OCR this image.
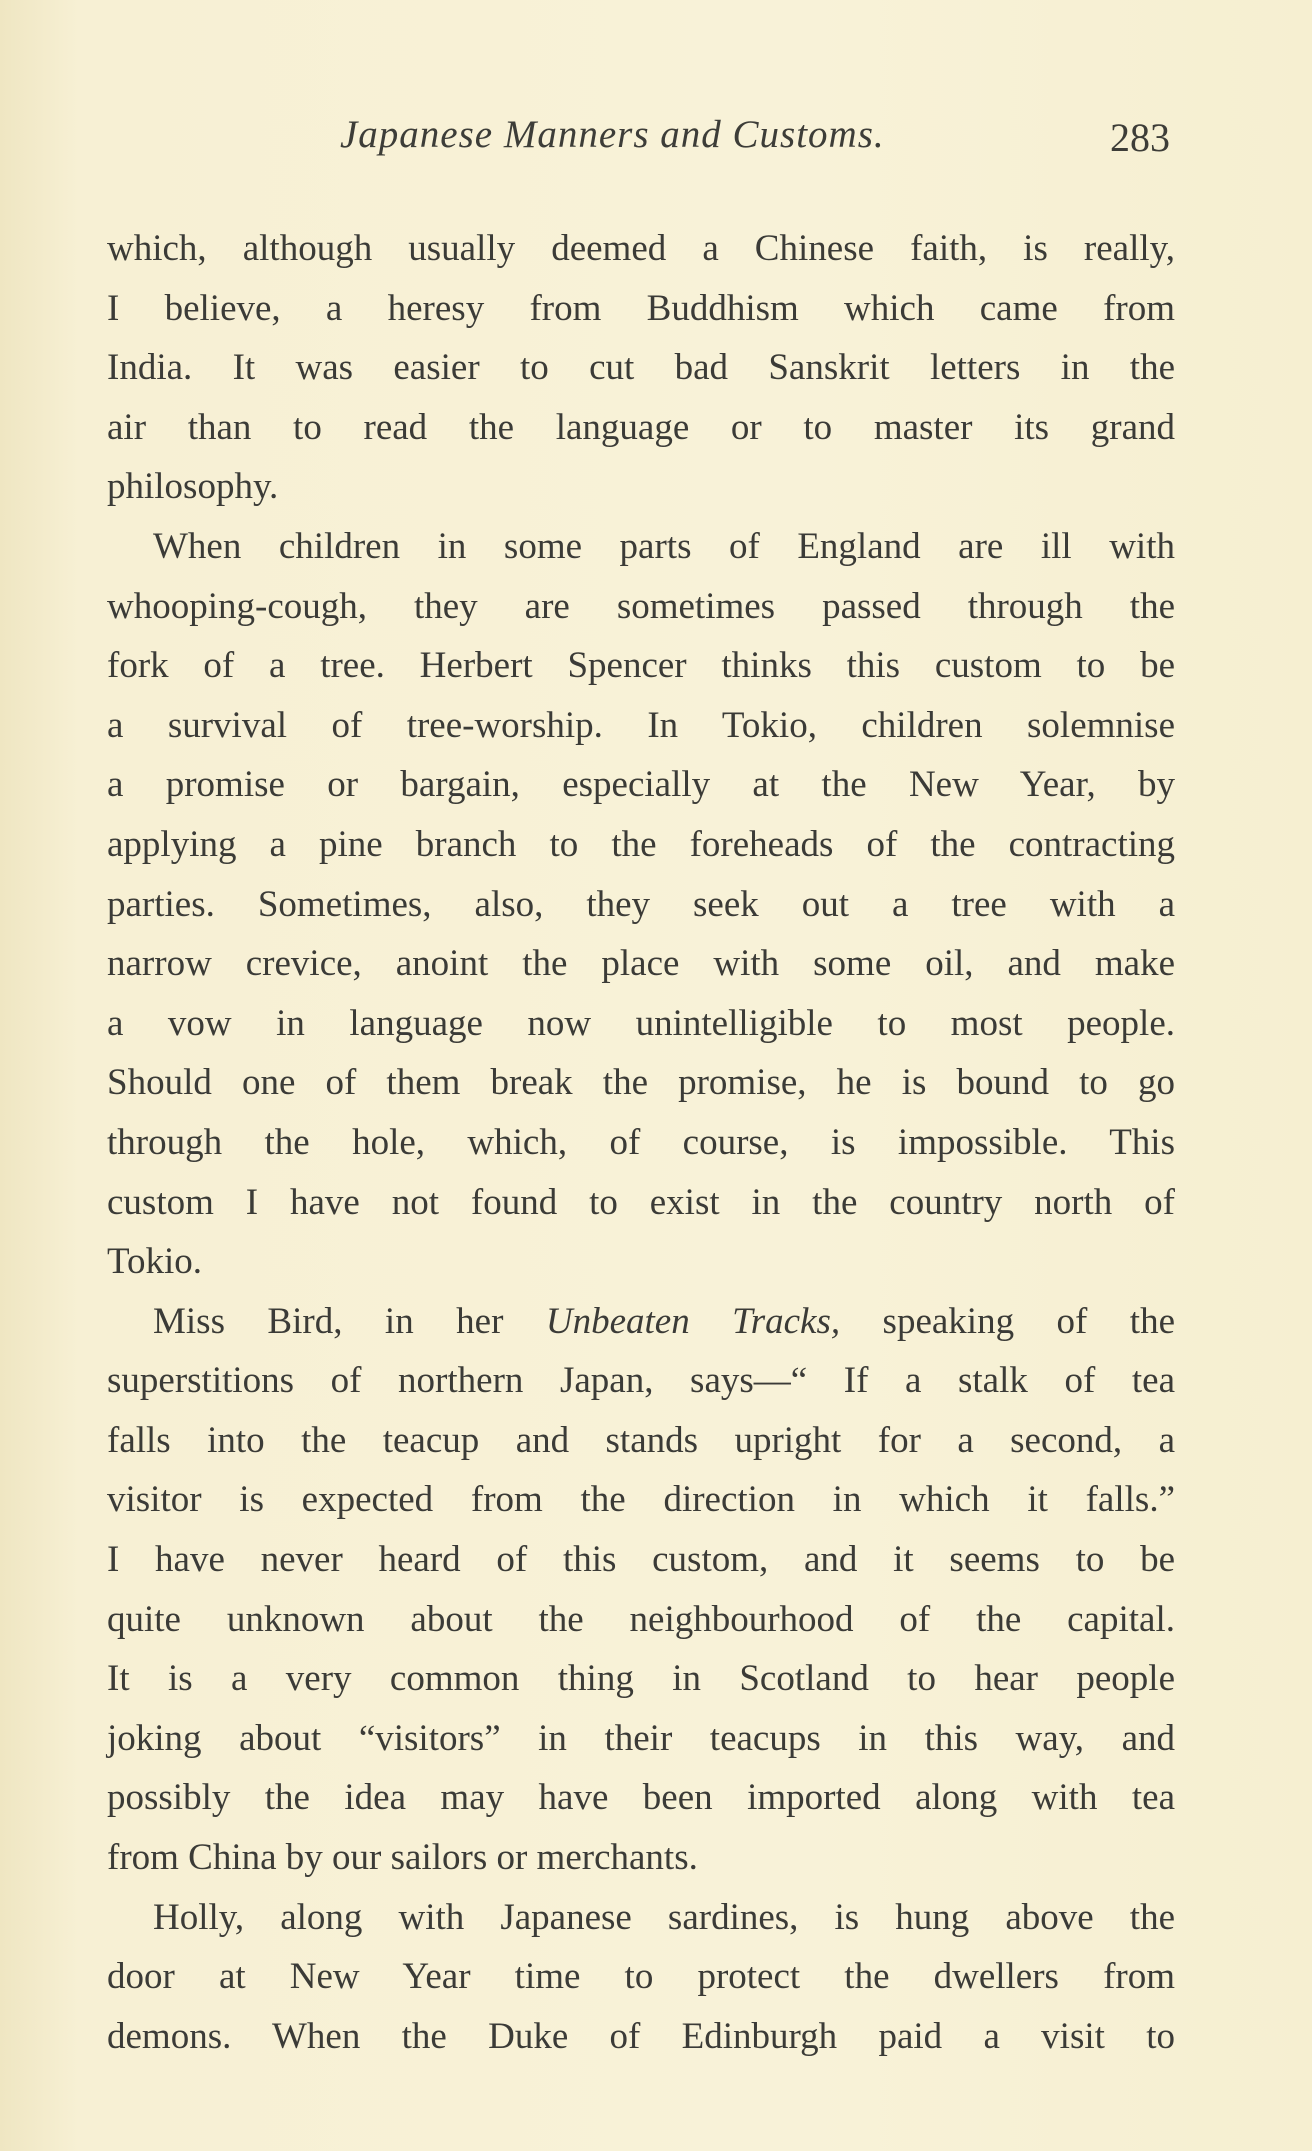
Japanese Manners and Customs.	283
which, although usually deemed a Chinese faith, is really,
I believe, a heresy from Buddhism which came from
India. It was easier to cut bad Sanskrit letters in the
air than to read the language or to master its grand
philosophy.
When children in some parts of England are ill with
whooping-cough, they are sometimes passed through the
fork of a tree. Herbert Spencer thinks this custom to be
a survival of tree-worship. In Tokio, children solemnise
a promise or bargain, especially at the New Year, by
applying a pine branch to the foreheads of the contracting
parties. Sometimes, also, they seek out a tree with a
narrow crevice, anoint the place with some oil, and make
a vow in language now unintelligible to most people.
Should one of them break the promise, he is bound to go
through the hole, which, of course, is impossible. This
custom I have not found to exist in the country north of
Tokio.
Miss Bird, in her Unbeaten Tracks, speaking of the
superstitions of northern Japan, says—“ If a stalk of tea
falls into the teacup and stands upright for a second, a
visitor is expected from the direction in which it falls.”
I have never heard of this custom, and it seems to be
quite unknown about the neighbourhood of the capital.
It is a very common thing in Scotland to hear people
joking about “visitors” in their teacups in this way, and
possibly the idea may have been imported along with tea
from China by our sailors or merchants.
Holly, along with Japanese sardines, is hung above the
door at New Year time to protect the dwellers from
demons. When the Duke of Edinburgh paid a visit to
